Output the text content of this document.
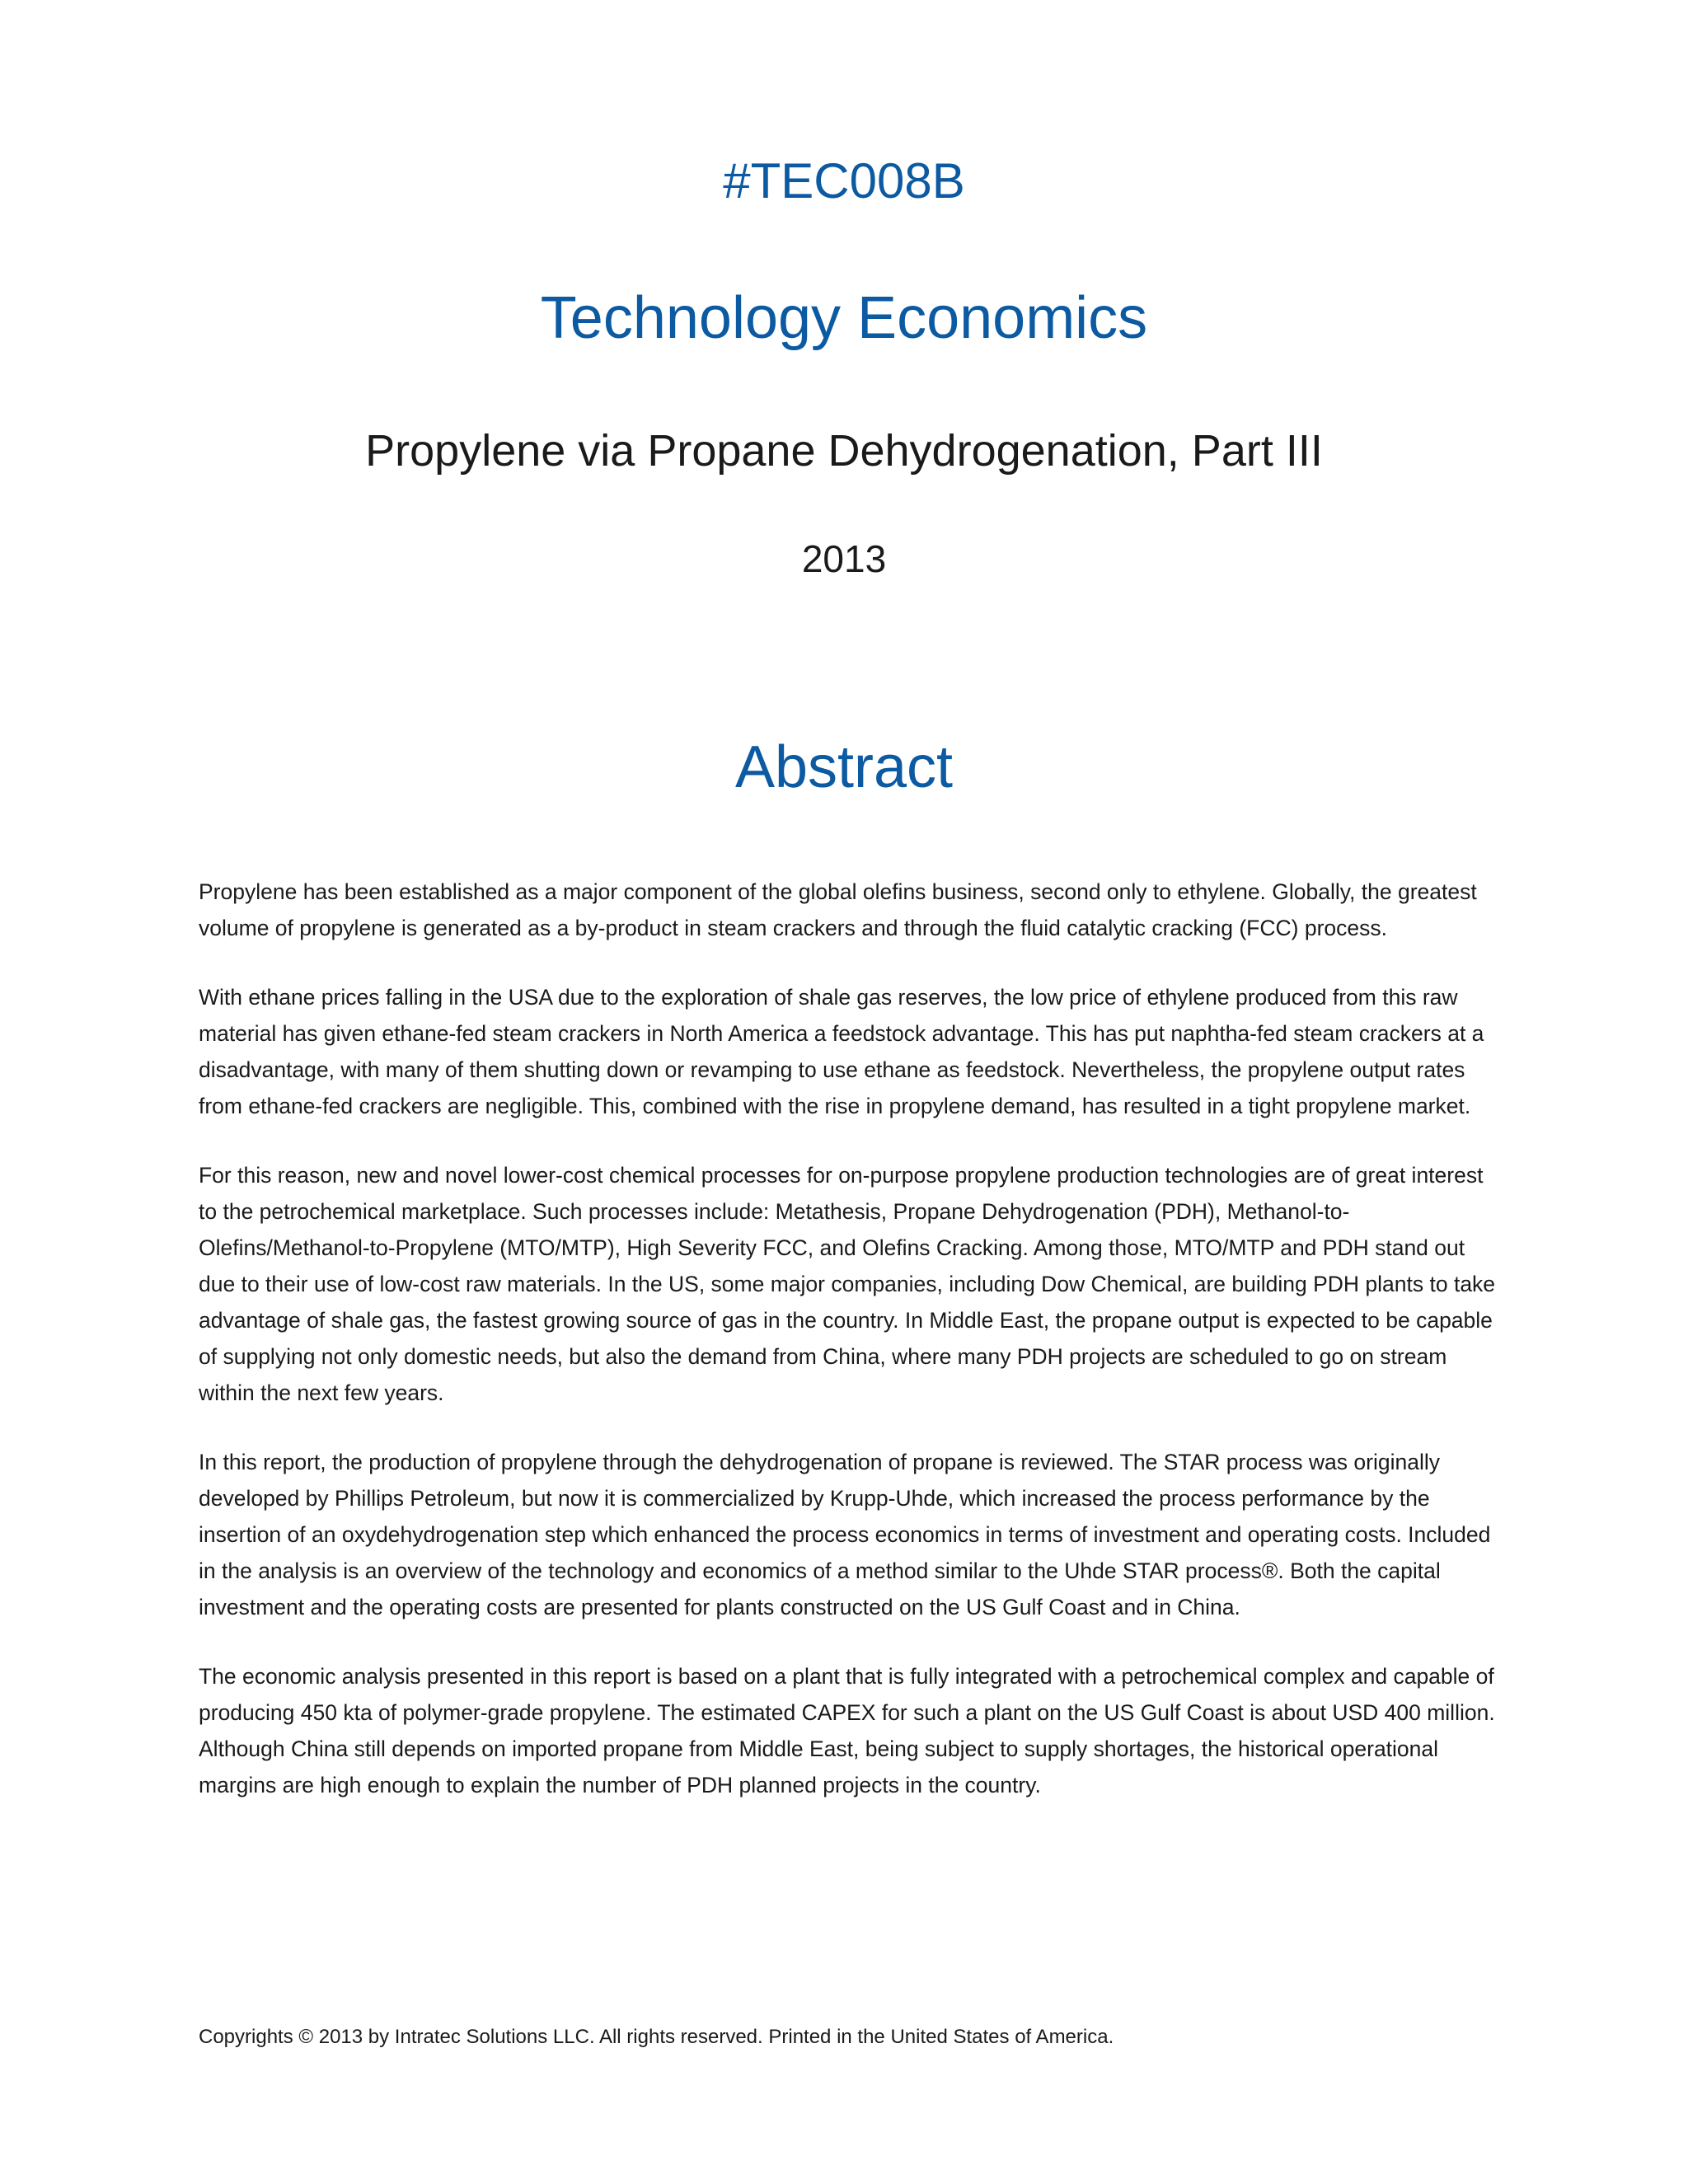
#TEC008B
Technology Economics
Propylene via Propane Dehydrogenation, Part III
2013
Abstract

Propylene has been established as a major component of the global olefins business, second only to ethylene. Globally, the greatest volume of propylene is generated as a by-product in steam crackers and through the fluid catalytic cracking (FCC) process.

With ethane prices falling in the USA due to the exploration of shale gas reserves, the low price of ethylene produced from this raw material has given ethane-fed steam crackers in North America a feedstock advantage. This has put naphtha-fed steam crackers at a disadvantage, with many of them shutting down or revamping to use ethane as feedstock. Nevertheless, the propylene output rates from ethane-fed crackers are negligible. This, combined with the rise in propylene demand, has resulted in a tight propylene market.

For this reason, new and novel lower-cost chemical processes for on-purpose propylene production technologies are of great interest to the petrochemical marketplace. Such processes include: Metathesis, Propane Dehydrogenation (PDH), Methanol-to-Olefins/Methanol-to-Propylene (MTO/MTP), High Severity FCC, and Olefins Cracking. Among those, MTO/MTP and PDH stand out due to their use of low-cost raw materials. In the US, some major companies, including Dow Chemical, are building PDH plants to take advantage of shale gas, the fastest growing source of gas in the country. In Middle East, the propane output is expected to be capable of supplying not only domestic needs, but also the demand from China, where many PDH projects are scheduled to go on stream within the next few years.

In this report, the production of propylene through the dehydrogenation of propane is reviewed. The STAR process was originally developed by Phillips Petroleum, but now it is commercialized by Krupp-Uhde, which increased the process performance by the insertion of an oxydehydrogenation step which enhanced the process economics in terms of investment and operating costs. Included in the analysis is an overview of the technology and economics of a method similar to the Uhde STAR process®. Both the capital investment and the operating costs are presented for plants constructed on the US Gulf Coast and in China.

The economic analysis presented in this report is based on a plant that is fully integrated with a petrochemical complex and capable of producing 450 kta of polymer-grade propylene. The estimated CAPEX for such a plant on the US Gulf Coast is about USD 400 million. Although China still depends on imported propane from Middle East, being subject to supply shortages, the historical operational margins are high enough to explain the number of PDH planned projects in the country.

Copyrights © 2013 by Intratec Solutions LLC. All rights reserved. Printed in the United States of America.
